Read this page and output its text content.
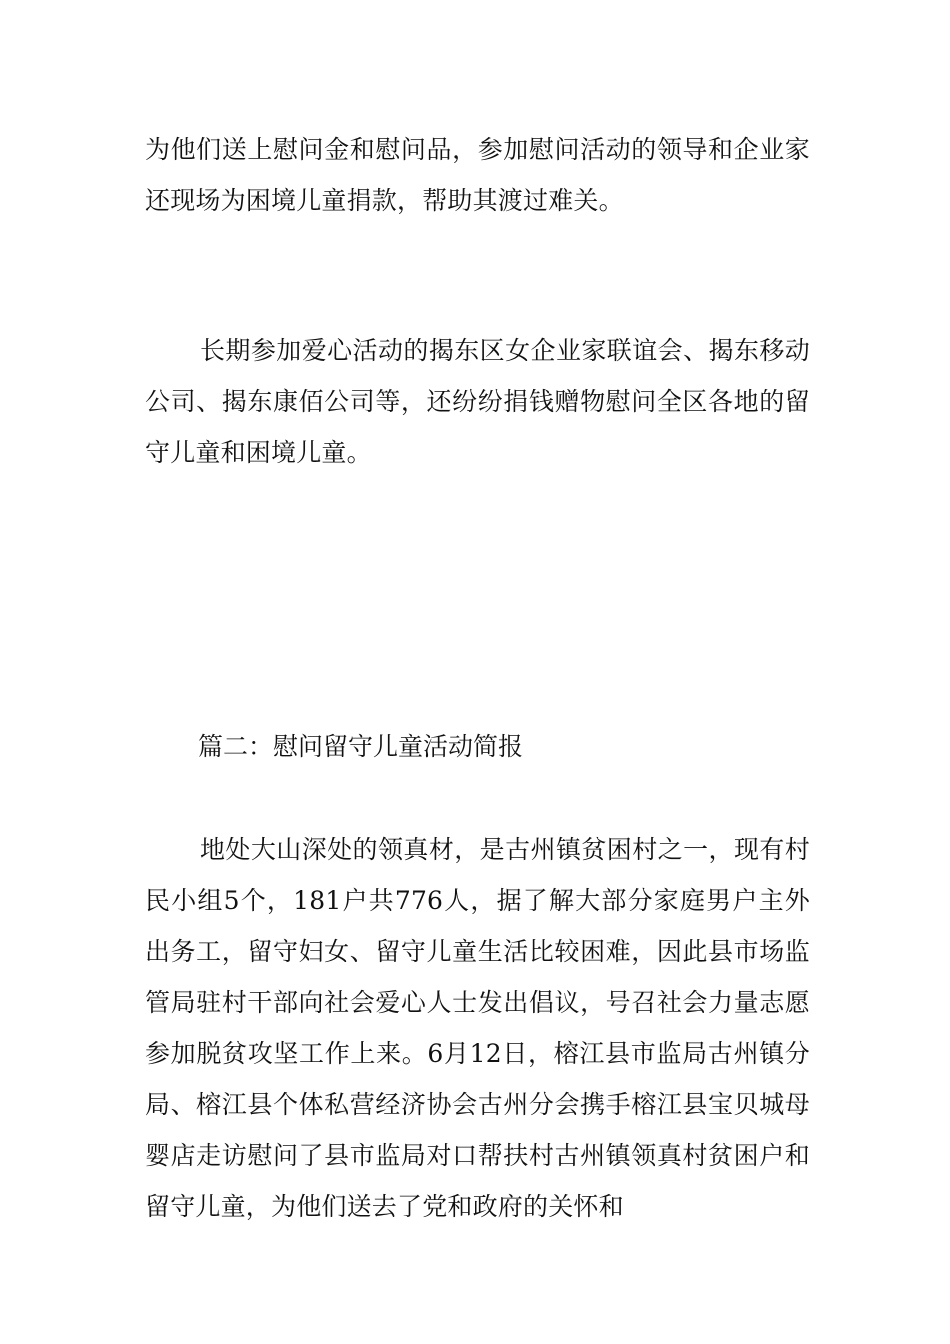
为他们送上慰问金和慰问品，参加慰问活动的领导和企业家还现场为困境儿童捐款，帮助其渡过难关。

长期参加爱心活动的揭东区女企业家联谊会、揭东移动公司、揭东康佰公司等，还纷纷捐钱赠物慰问全区各地的留守儿童和困境儿童。

篇二：慰问留守儿童活动简报

地处大山深处的领真材，是古州镇贫困村之一，现有村民小组5个，181户共776人，据了解大部分家庭男户主外出务工，留守妇女、留守儿童生活比较困难，因此县市场监管局驻村干部向社会爱心人士发出倡议，号召社会力量志愿参加脱贫攻坚工作上来。6月12日，榕江县市监局古州镇分局、榕江县个体私营经济协会古州分会携手榕江县宝贝城母婴店走访慰问了县市监局对口帮扶村古州镇领真村贫困户和留守儿童，为他们送去了党和政府的关怀和
